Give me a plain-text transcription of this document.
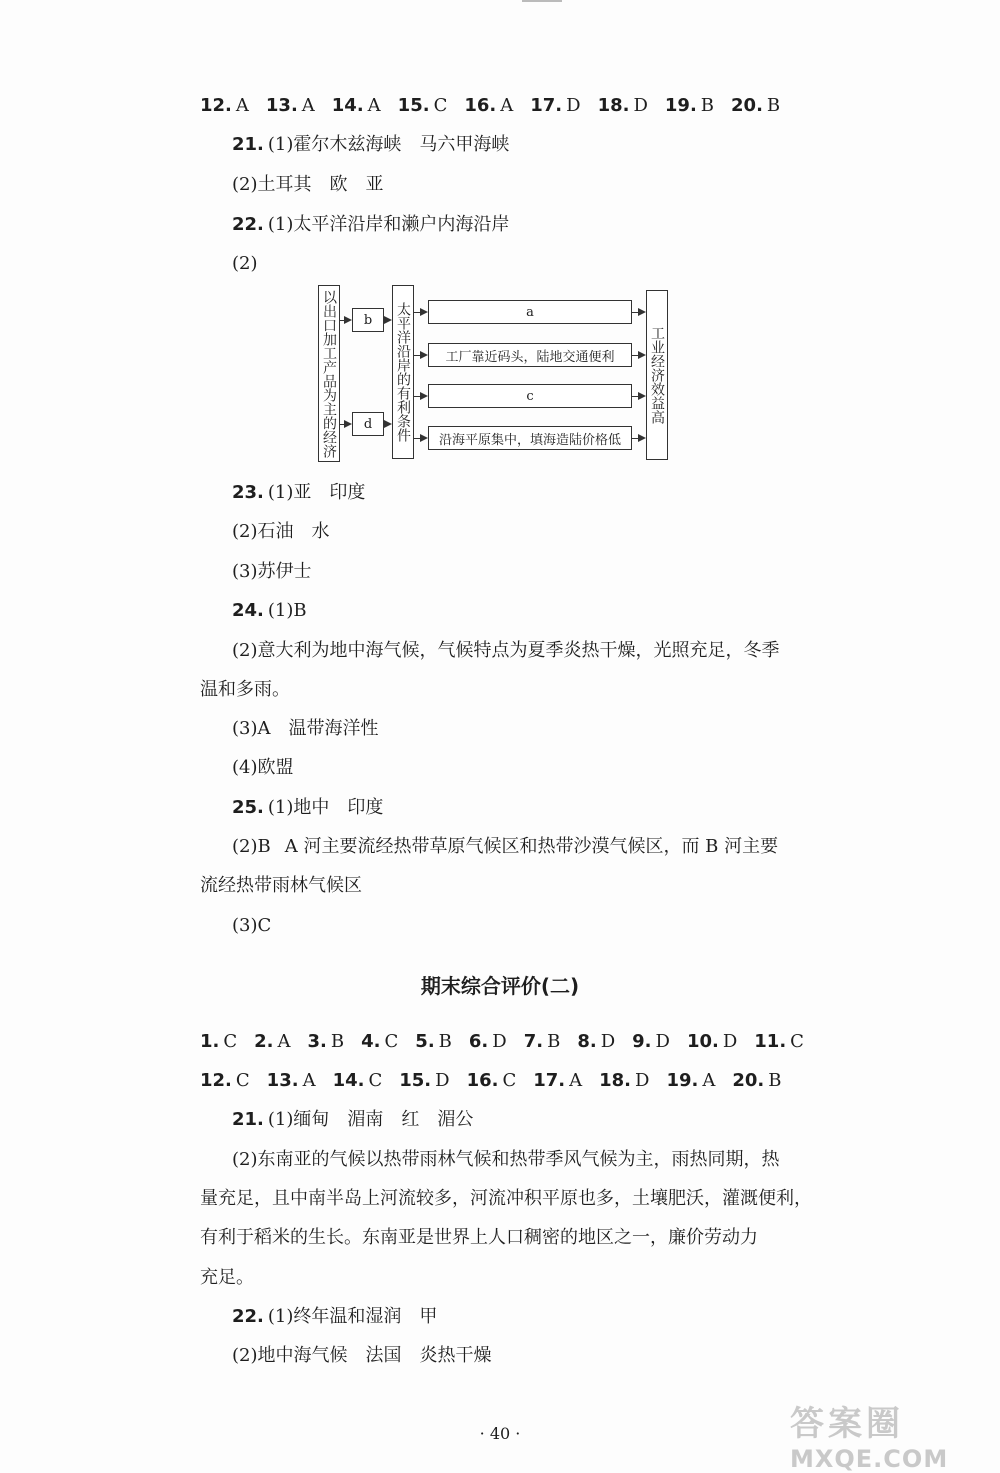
12. A 13. A 14. A 15. C 16. A 17. D 18. D 19. B 20. B
21. (1)霍尔木兹海峡 马六甲海峡
(2)土耳其 欧 亚
22. (1)太平洋沿岸和濑户内海沿岸
(2)
以出口加工产品为主的经济	b
d	太平洋沿岸的有利条件	a
工厂靠近码头，陆地交通便利
c
沿海平原集中，填海造陆价格低
工业经济效益高
23. (1)亚 印度
(2)石油 水
(3)苏伊士
24. (1)B
(2)意大利为地中海气候，气候特点为夏季炎热干燥，光照充足，冬季
温和多雨。
(3)A 温带海洋性
(4)欧盟
25. (1)地中 印度
(2)B A 河主要流经热带草原气候区和热带沙漠气候区，而 B 河主要
流经热带雨林气候区
(3)C
期末综合评价(二)
1. C 2. A 3. B 4. C 5. B 6. D 7. B 8. D 9. D 10. D 11. C
12. C 13. A 14. C 15. D 16. C 17. A 18. D 19. A 20. B
21. (1)缅甸 湄南 红 湄公
(2)东南亚的气候以热带雨林气候和热带季风气候为主，雨热同期，热
量充足，且中南半岛上河流较多，河流冲积平原也多，土壤肥沃，灌溉便利，
有利于稻米的生长。东南亚是世界上人口稠密的地区之一，廉价劳动力
充足。
22. (1)终年温和湿润 甲
(2)地中海气候 法国 炎热干燥
· 40 ·	答案圈
MXQE.COM
